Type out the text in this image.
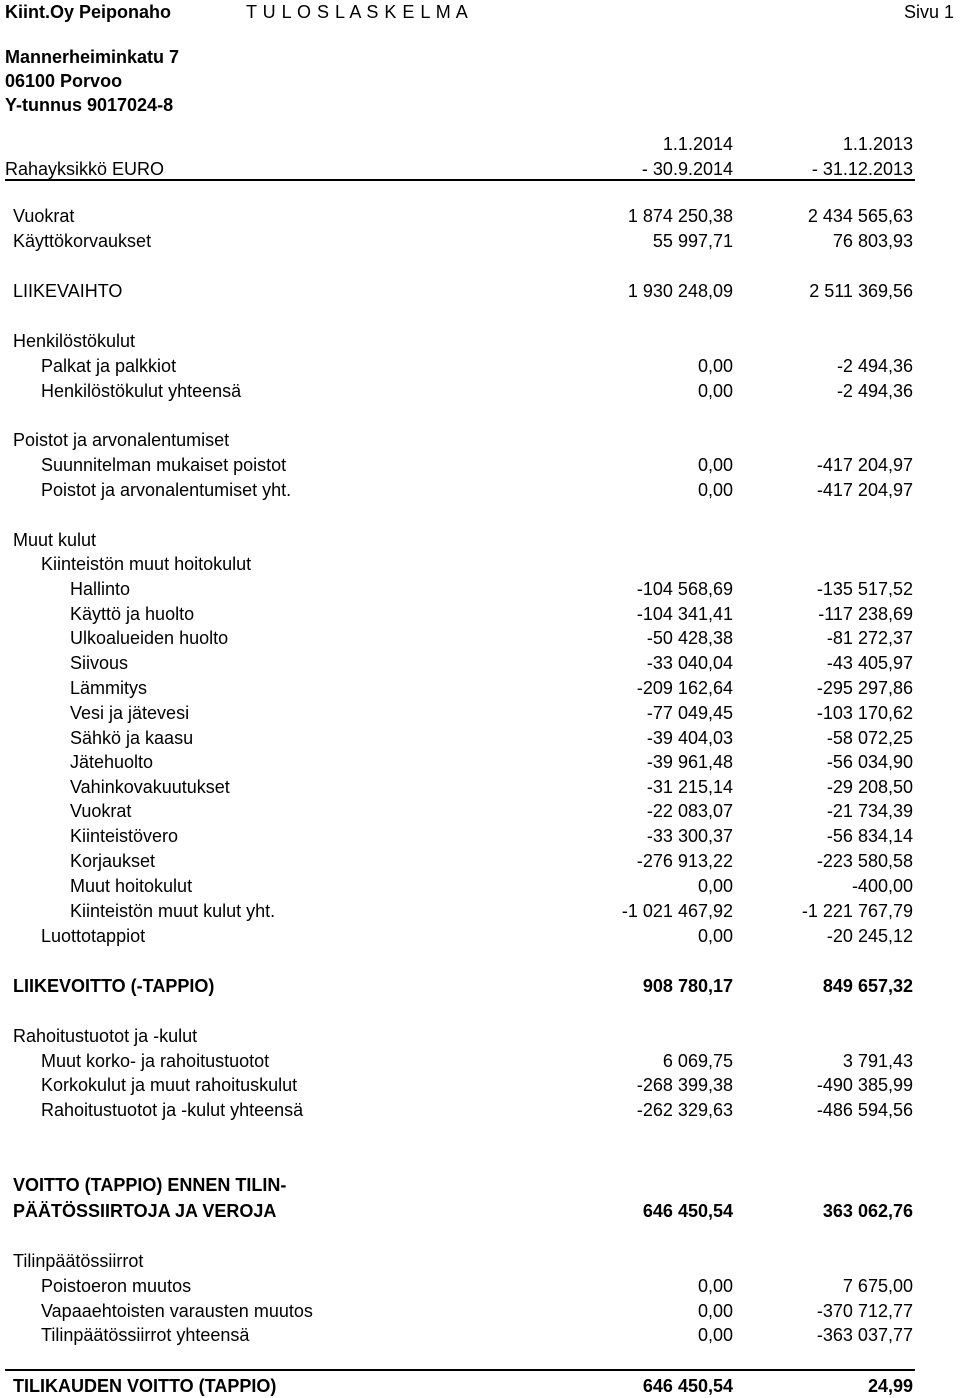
Kiint.Oy Peiponaho	T U L O S L A S K E L M A	Sivu 1
Mannerheiminkatu 7
06100 Porvoo
Y-tunnus 9017024-8
1.1.2014	1.1.2013
Rahayksikkö EURO	- 30.9.2014	- 31.12.2013
Vuokrat	1 874 250,38	2 434 565,63
Käyttökorvaukset	55 997,71	76 803,93
LIIKEVAIHTO	1 930 248,09	2 511 369,56
Henkilöstökulut
Palkat ja palkkiot	0,00	-2 494,36
Henkilöstökulut yhteensä	0,00	-2 494,36
Poistot ja arvonalentumiset
Suunnitelman mukaiset poistot	0,00	-417 204,97
Poistot ja arvonalentumiset yht.	0,00	-417 204,97
Muut kulut
Kiinteistön muut hoitokulut
Hallinto	-104 568,69	-135 517,52
Käyttö ja huolto	-104 341,41	-117 238,69
Ulkoalueiden huolto	-50 428,38	-81 272,37
Siivous	-33 040,04	-43 405,97
Lämmitys	-209 162,64	-295 297,86
Vesi ja jätevesi	-77 049,45	-103 170,62
Sähkö ja kaasu	-39 404,03	-58 072,25
Jätehuolto	-39 961,48	-56 034,90
Vahinkovakuutukset	-31 215,14	-29 208,50
Vuokrat	-22 083,07	-21 734,39
Kiinteistövero	-33 300,37	-56 834,14
Korjaukset	-276 913,22	-223 580,58
Muut hoitokulut	0,00	-400,00
Kiinteistön muut kulut yht.	-1 021 467,92	-1 221 767,79
Luottotappiot	0,00	-20 245,12
LIIKEVOITTO (-TAPPIO)	908 780,17	849 657,32
Rahoitustuotot ja -kulut
Muut korko- ja rahoitustuotot	6 069,75	3 791,43
Korkokulut ja muut rahoituskulut	-268 399,38	-490 385,99
Rahoitustuotot ja -kulut yhteensä	-262 329,63	-486 594,56
VOITTO (TAPPIO) ENNEN TILIN-
PÄÄTÖSSIIRTOJA JA VEROJA	646 450,54	363 062,76
Tilinpäätössiirrot
Poistoeron muutos	0,00	7 675,00
Vapaaehtoisten varausten muutos	0,00	-370 712,77
Tilinpäätössiirrot yhteensä	0,00	-363 037,77
TILIKAUDEN VOITTO (TAPPIO)	646 450,54	24,99
